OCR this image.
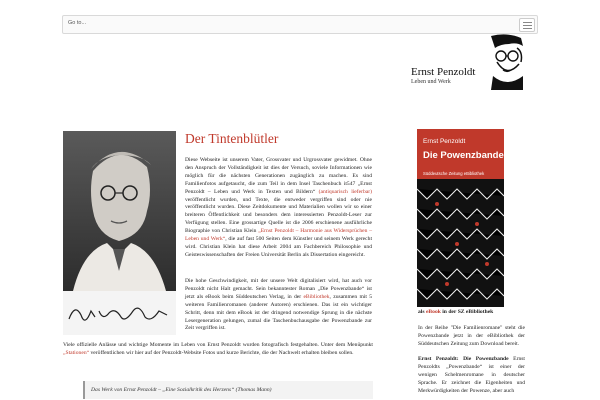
Go to...
Ernst Penzoldt
Leben und Werk
Der Tintenblütler

Diese Webseite ist unserem Vater, Grossvater und Urgrossvater gewidmet. Ohne den Anspruch der Vollständigkeit ist dies der Versuch, soviele Informationen wie möglich für die nächsten Generationen zugänglich zu machen. Es sind Familienfotos aufgetaucht, die zum Teil in dem Insel Taschenbuch it547 „Ernst Penzoldt – Leben und Werk in Texten und Bildern“ (antiquarisch lieferbar) veröffentlicht wurden, und Texte, die entweder vergriffen sind oder nie veröffentlicht wurden. Diese Zeitdokumente und Materialien wollen wir so einer breiteren Öffentlichkeit und besonders dem interessierten Penzoldt-Leser zur Verfügung stellen. Eine grossartige Quelle ist die 2006 erschienene ausführliche Biographie von Christian Klein „Ernst Penzoldt – Harmonie aus Widersprüchen – Leben und Werk“, die auf fast 500 Seiten dem Künstler und seinem Werk gerecht wird. Christian Klein hat diese Arbeit 2004 am Fachbereich Philosophie und Geisteswissenschaften der Freien Universität Berlin als Dissertation eingereicht.

Die hohe Geschwindigkeit, mit der unsere Welt digitalisiert wird, hat auch vor Penzoldt nicht Halt gemacht. Sein bekanntester Roman „Die Powenzbande“ ist jetzt als eBook beim Süddeutschen Verlag, in der eBibliothek, zusammen mit 5 weiteren Familienromanen (anderer Autoren) erschienen. Das ist ein wichtiger Schritt, denn mit dem eBook ist der dringend notwendige Sprung in die nächste Lesergeneration gelungen, zumal die Taschenbuchausgabe der Powenzbande zur Zeit vergriffen ist.

Viele offizielle Anlässe und wichtige Momente im Leben von Ernst Penzoldt wurden fotografisch festgehalten. Unter dem Menüpunkt „Stationen“ veröffentlichen wir hier auf der Penzoldt-Website Fotos und kurze Berichte, die der Nachwelt erhalten bleiben sollen.

Das Werk von Ernst Penzoldt – „Eine Sozialkritik des Herzens“ (Thomas Mann)
Ernst Penzoldt
Die Powenzbande
Süddeutsche Zeitung eBibliothek
als eBook in der SZ eBibliothek

In der Reihe "Die Familienromane" steht die Powenzbande jetzt in der eBibliothek der Süddeutschen Zeitung zum Download bereit.

Ernst Penzoldt: Die Powenzbande Ernst Penzoldts „Powenzbande“ ist einer der wenigen Schelmenromane in deutscher Sprache. Er zeichnet die Eigenheiten und Merkwürdigkeiten der Powenze, aber auch
